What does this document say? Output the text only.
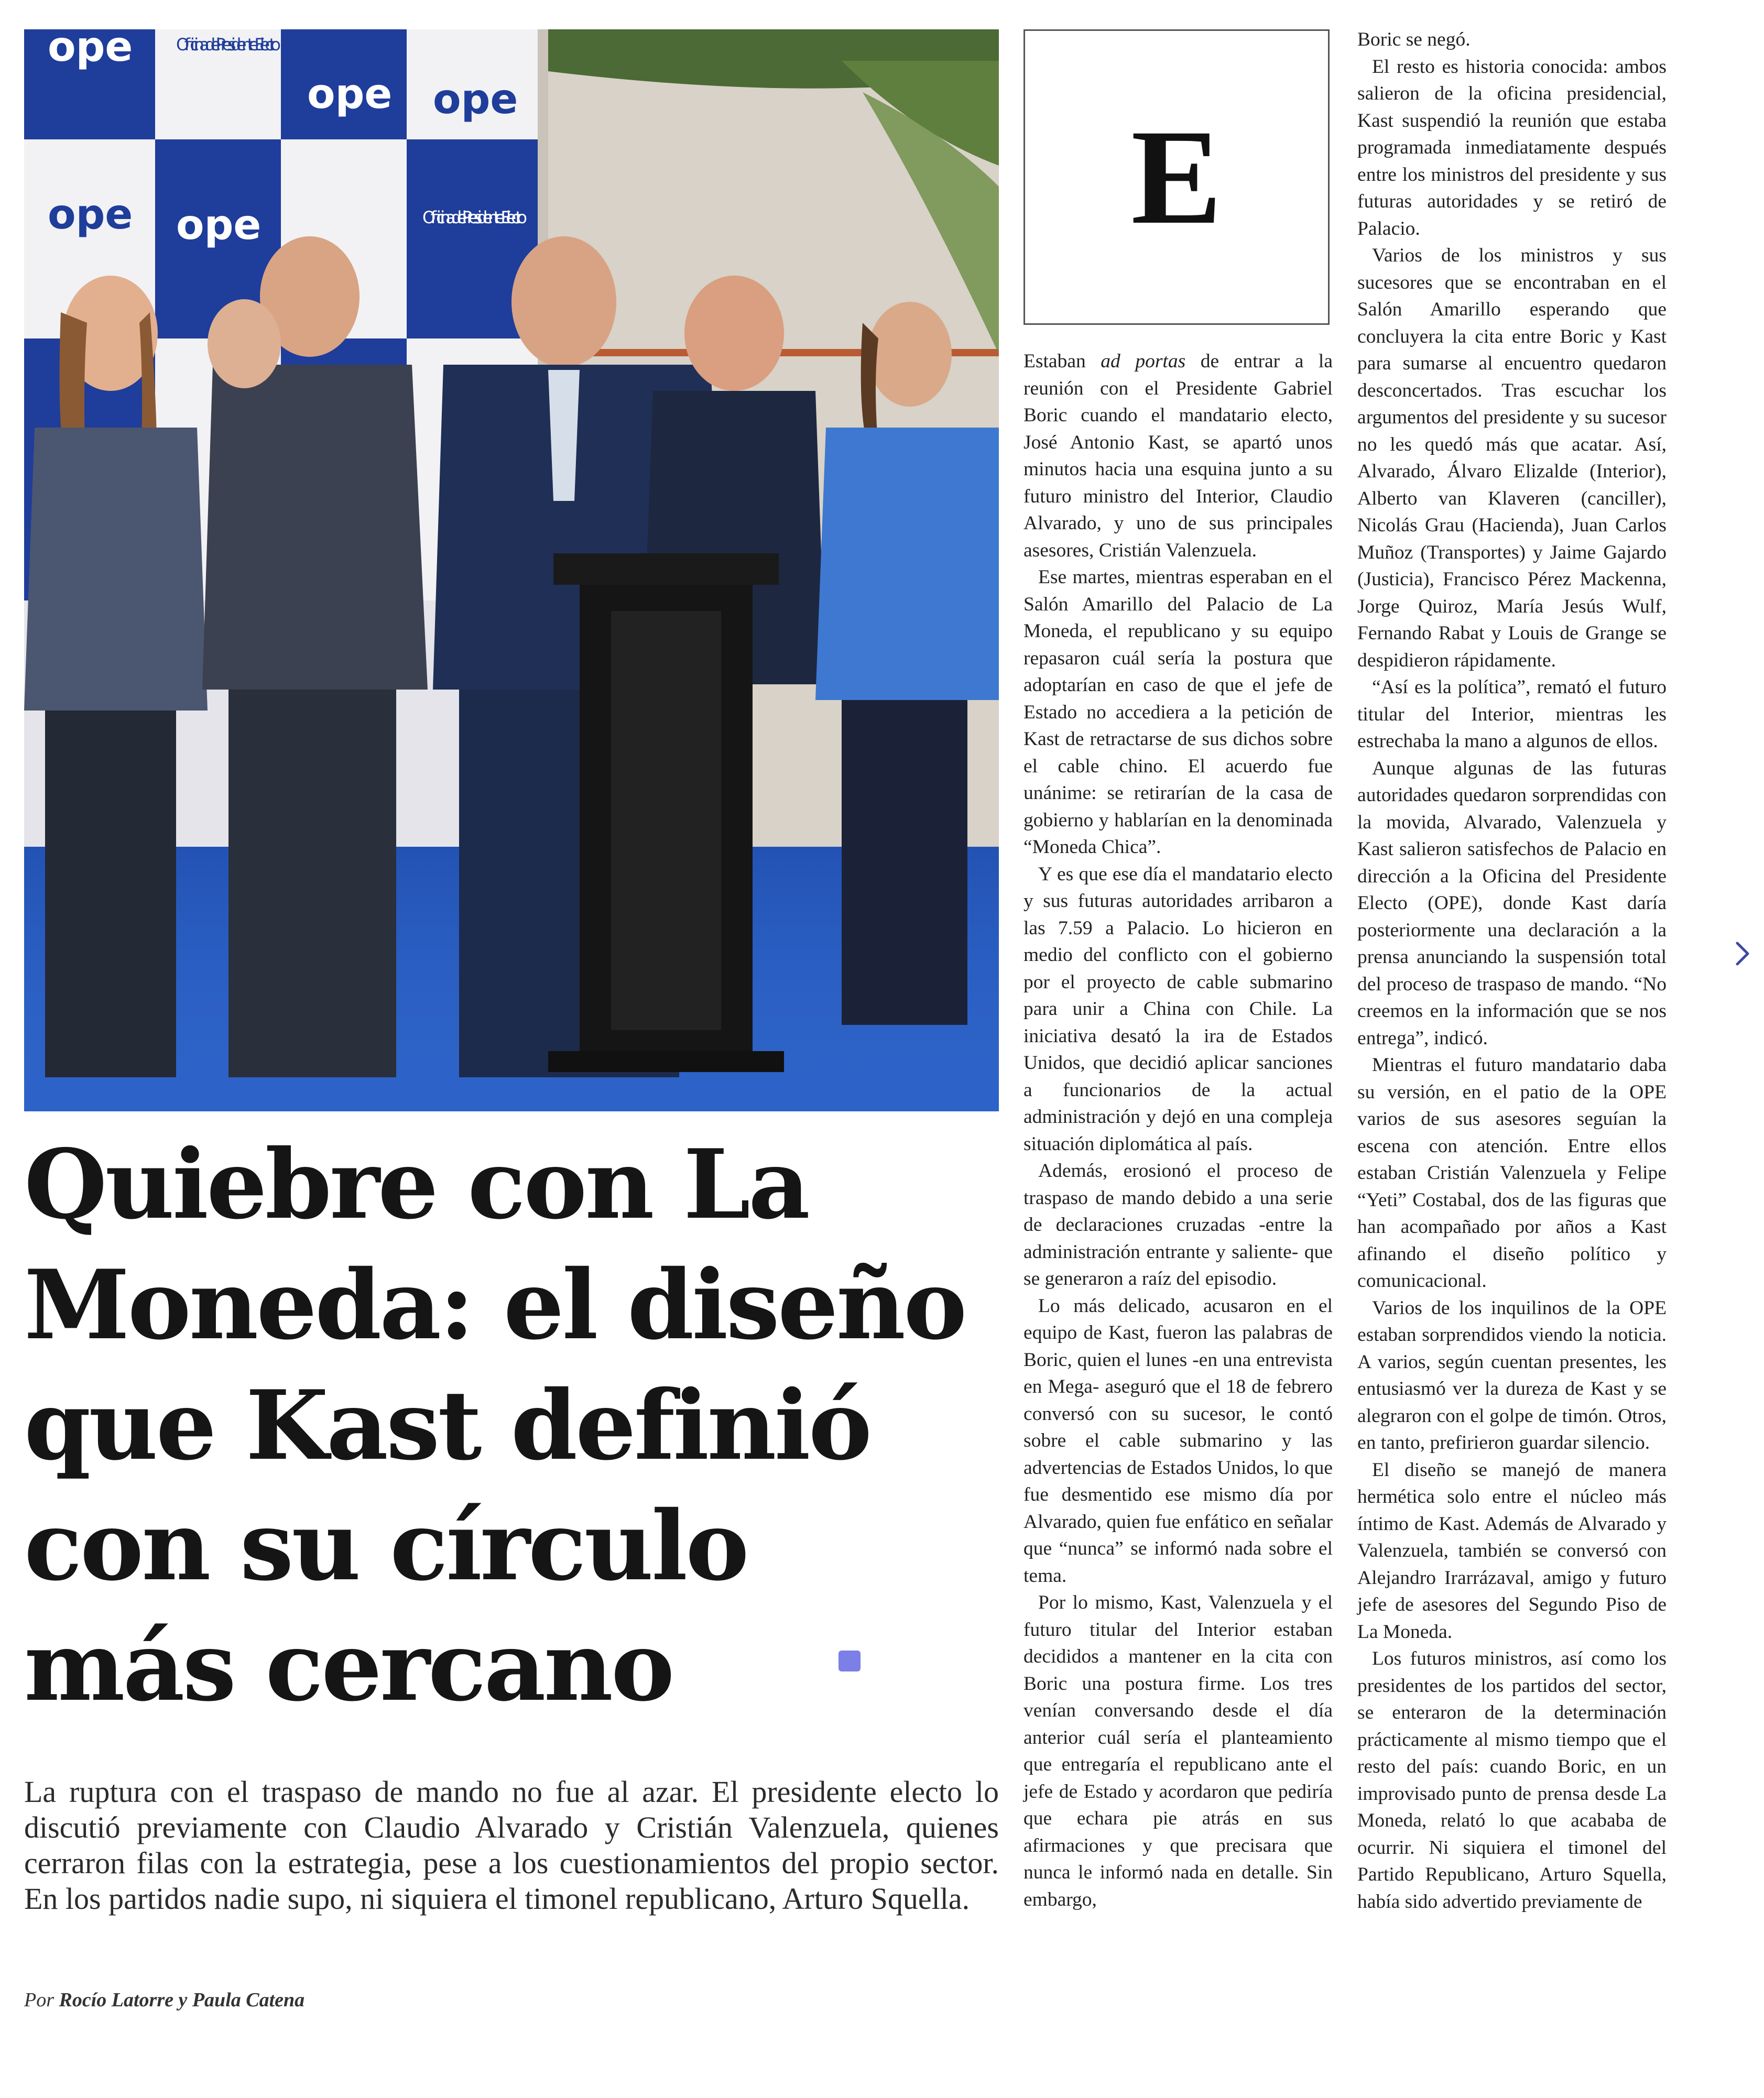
ope
ope ope
ope ope
Oficina del Presidente Electo
Oficina del Presidente Electo
Quiebre con La
Moneda: el diseño
que Kast definió
con su círculo
más cercano

La ruptura con el traspaso de mando no fue al azar. El presidente electo lo discutió previamente con Claudio Alvarado y Cristián Valenzuela, quienes cerraron filas con la estrategia, pese a los cuestionamientos del propio sector. En los partidos nadie supo, ni siquiera el timonel republicano, Arturo Squella.

Por Rocío Latorre y Paula Catena
E

Estaban ad portas de entrar a la reunión con el Presidente Gabriel Boric cuando el mandatario electo, José Antonio Kast, se apartó unos minutos hacia una esquina junto a su futuro ministro del Interior, Claudio Alvarado, y uno de sus principales asesores, Cristián Valenzuela.

Ese martes, mientras esperaban en el Salón Amarillo del Palacio de La Moneda, el republicano y su equipo repasaron cuál sería la postura que adoptarían en caso de que el jefe de Estado no accediera a la petición de Kast de retractarse de sus dichos sobre el cable chino. El acuerdo fue unánime: se retirarían de la casa de gobierno y hablarían en la denominada “Moneda Chica”.

Y es que ese día el mandatario electo y sus futuras autoridades arribaron a las 7.59 a Palacio. Lo hicieron en medio del conflicto con el gobierno por el proyecto de cable submarino para unir a China con Chile. La iniciativa desató la ira de Estados Unidos, que decidió aplicar sanciones a funcionarios de la actual administración y dejó en una compleja situación diplomática al país.

Además, erosionó el proceso de traspaso de mando debido a una serie de declaraciones cruzadas -entre la administración entrante y saliente- que se generaron a raíz del episodio.

Lo más delicado, acusaron en el equipo de Kast, fueron las palabras de Boric, quien el lunes -en una entrevista en Mega- aseguró que el 18 de febrero conversó con su sucesor, le contó sobre el cable submarino y las advertencias de Estados Unidos, lo que fue desmentido ese mismo día por Alvarado, quien fue enfático en señalar que “nunca” se informó nada sobre el tema.

Por lo mismo, Kast, Valenzuela y el futuro titular del Interior estaban decididos a mantener en la cita con Boric una postura firme. Los tres venían conversando desde el día anterior cuál sería el planteamiento que entregaría el republicano ante el jefe de Estado y acordaron que pediría que echara pie atrás en sus afirmaciones y que precisara que nunca le informó nada en detalle. Sin embargo,

Boric se negó.

El resto es historia conocida: ambos salieron de la oficina presidencial, Kast suspendió la reunión que estaba programada inmediatamente después entre los ministros del presidente y sus futuras autoridades y se retiró de Palacio.

Varios de los ministros y sus sucesores que se encontraban en el Salón Amarillo esperando que concluyera la cita entre Boric y Kast para sumarse al encuentro quedaron desconcertados. Tras escuchar los argumentos del presidente y su sucesor no les quedó más que acatar. Así, Alvarado, Álvaro Elizalde (Interior), Alberto van Klaveren (canciller), Nicolás Grau (Hacienda), Juan Carlos Muñoz (Transportes) y Jaime Gajardo (Justicia), Francisco Pérez Mackenna, Jorge Quiroz, María Jesús Wulf, Fernando Rabat y Louis de Grange se despidieron rápidamente.

“Así es la política”, remató el futuro titular del Interior, mientras les estrechaba la mano a algunos de ellos.

Aunque algunas de las futuras autoridades quedaron sorprendidas con la movida, Alvarado, Valenzuela y Kast salieron satisfechos de Palacio en dirección a la Oficina del Presidente Electo (OPE), donde Kast daría posteriormente una declaración a la prensa anunciando la suspensión total del proceso de traspaso de mando. “No creemos en la información que se nos entrega”, indicó.

Mientras el futuro mandatario daba su versión, en el patio de la OPE varios de sus asesores seguían la escena con atención. Entre ellos estaban Cristián Valenzuela y Felipe “Yeti” Costabal, dos de las figuras que han acompañado por años a Kast afinando el diseño político y comunicacional.

Varios de los inquilinos de la OPE estaban sorprendidos viendo la noticia. A varios, según cuentan presentes, les entusiasmó ver la dureza de Kast y se alegraron con el golpe de timón. Otros, en tanto, prefirieron guardar silencio.

El diseño se manejó de manera hermética solo entre el núcleo más íntimo de Kast. Además de Alvarado y Valenzuela, también se conversó con Alejandro Irarrázaval, amigo y futuro jefe de asesores del Segundo Piso de La Moneda.

Los futuros ministros, así como los presidentes de los partidos del sector, se enteraron de la determinación prácticamente al mismo tiempo que el resto del país: cuando Boric, en un improvisado punto de prensa desde La Moneda, relató lo que acababa de ocurrir. Ni siquiera el timonel del Partido Republicano, Arturo Squella, había sido advertido previamente de
